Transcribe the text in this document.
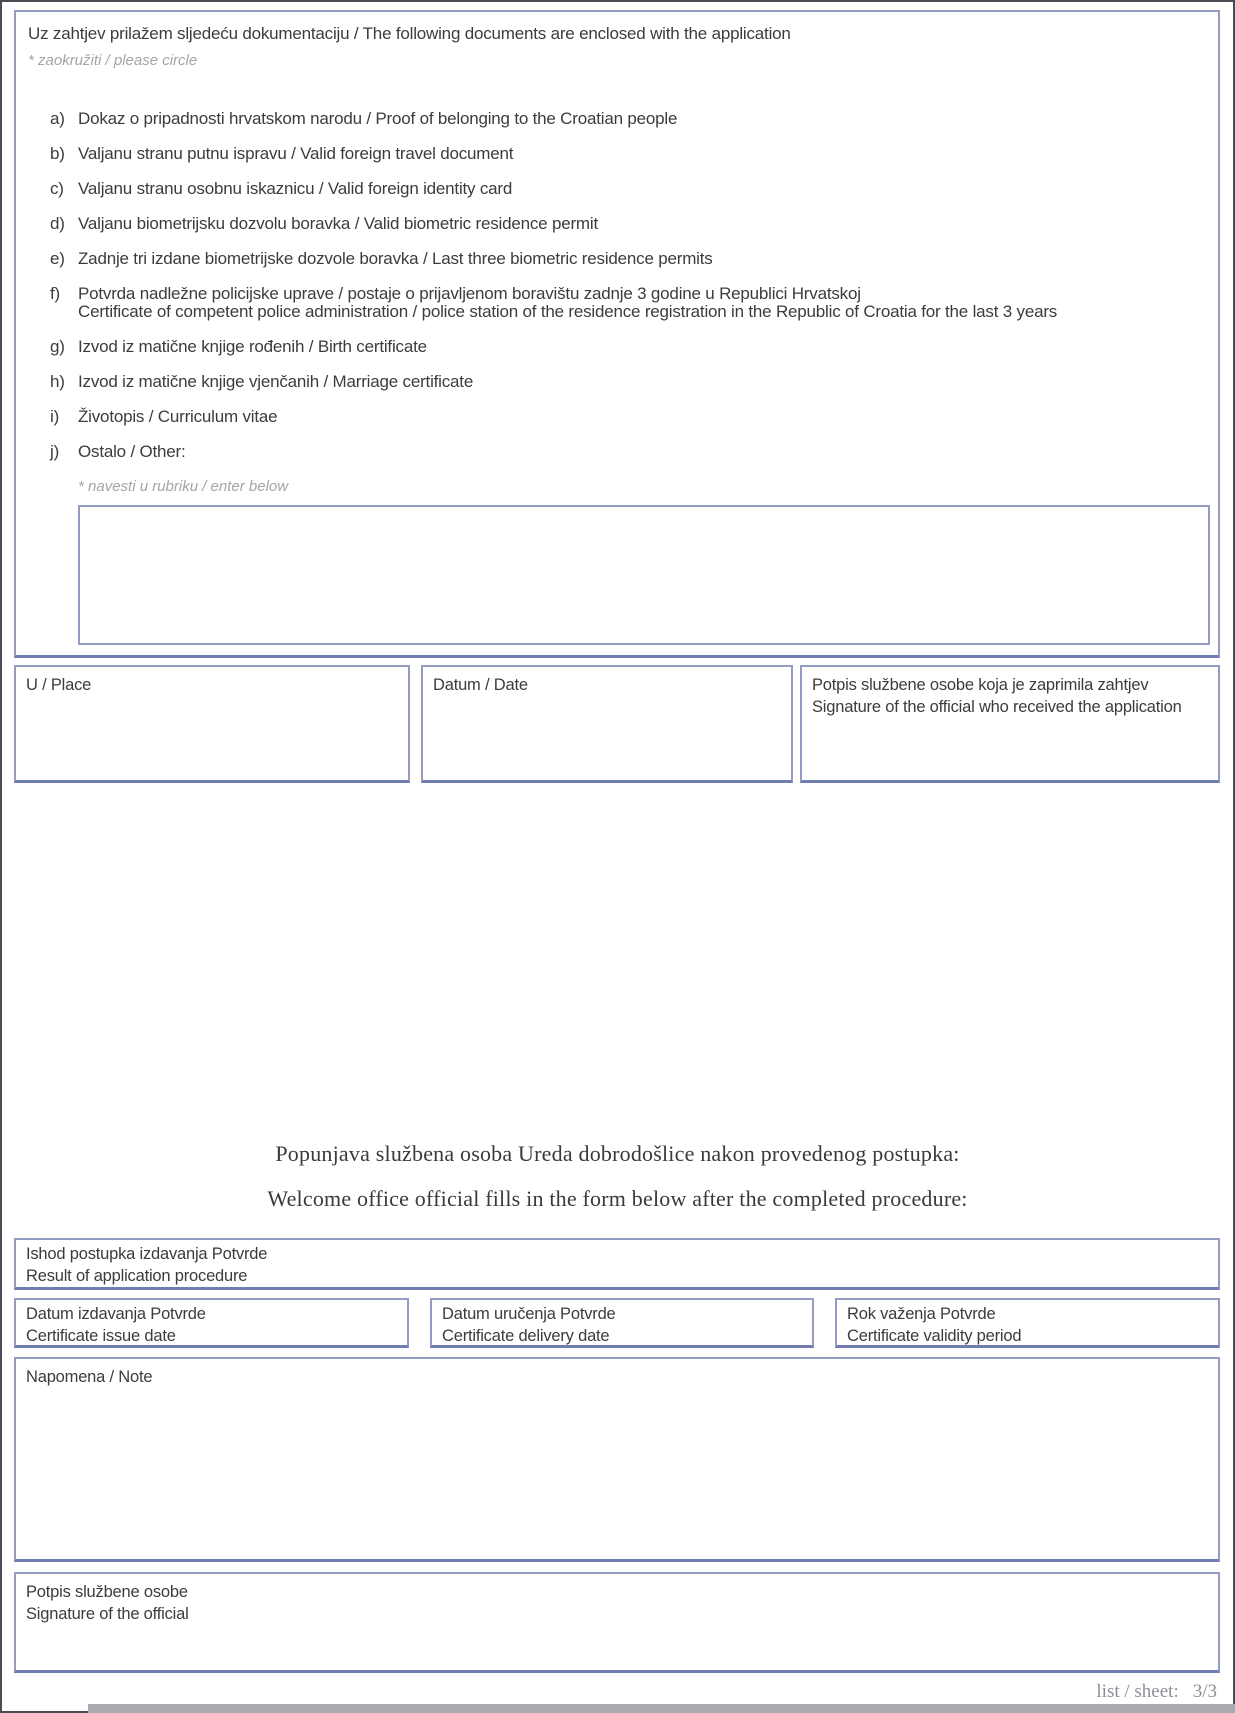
Uz zahtjev prilažem sljedeću dokumentaciju / The following documents are enclosed with the application
* zaokružiti / please circle
a) Dokaz o pripadnosti hrvatskom narodu / Proof of belonging to the Croatian people
b) Valjanu stranu putnu ispravu / Valid foreign travel document
c) Valjanu stranu osobnu iskaznicu / Valid foreign identity card
d) Valjanu biometrijsku dozvolu boravka / Valid biometric residence permit
e) Zadnje tri izdane biometrijske dozvole boravka / Last three biometric residence permits
f) Potvrda nadležne policijske uprave / postaje o prijavljenom boravištu zadnje 3 godine u Republici Hrvatskoj
Certificate of competent police administration / police station of the residence registration in the Republic of Croatia for the last 3 years
g) Izvod iz matične knjige rođenih / Birth certificate
h) Izvod iz matične knjige vjenčanih / Marriage certificate
i) Životopis / Curriculum vitae
j) Ostalo / Other:
* navesti u rubriku / enter below
U / Place	Datum / Date	Potpis službene osobe koja je zaprimila zahtjev
Signature of the official who received the application
Popunjava službena osoba Ureda dobrodošlice nakon provedenog postupka:
Welcome office official fills in the form below after the completed procedure:
Ishod postupka izdavanja Potvrde
Result of application procedure
Datum izdavanja Potvrde
Certificate issue date
Datum uručenja Potvrde
Certificate delivery date
Rok važenja Potvrde
Certificate validity period
Napomena / Note
Potpis službene osobe
Signature of the official
list / sheet: 3/3
